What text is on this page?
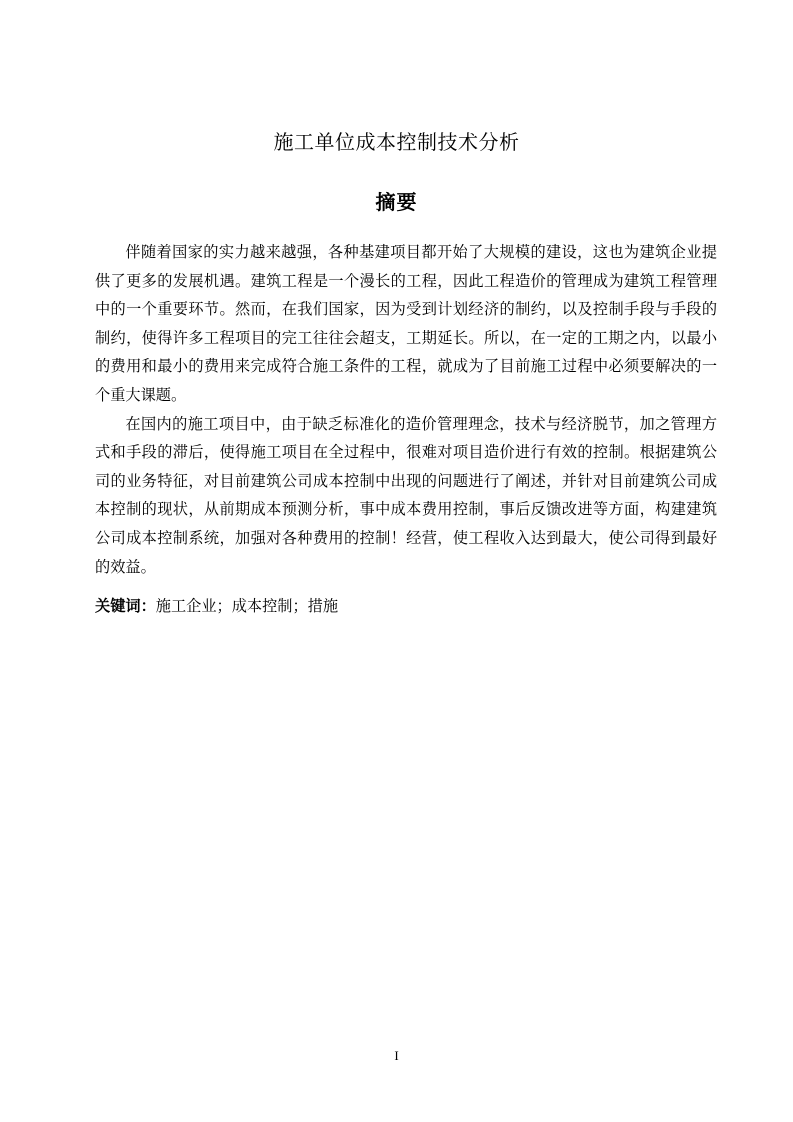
施工单位成本控制技术分析
摘要

伴随着国家的实力越来越强，各种基建项目都开始了大规模的建设，这也为建筑企业提供了更多的发展机遇。建筑工程是一个漫长的工程，因此工程造价的管理成为建筑工程管理中的一个重要环节。然而，在我们国家，因为受到计划经济的制约，以及控制手段与手段的制约，使得许多工程项目的完工往往会超支，工期延长。所以，在一定的工期之内，以最小的费用和最小的费用来完成符合施工条件的工程，就成为了目前施工过程中必须要解决的一个重大课题。

在国内的施工项目中，由于缺乏标准化的造价管理理念，技术与经济脱节，加之管理方式和手段的滞后，使得施工项目在全过程中，很难对项目造价进行有效的控制。根据建筑公司的业务特征，对目前建筑公司成本控制中出现的问题进行了阐述，并针对目前建筑公司成本控制的现状，从前期成本预测分析，事中成本费用控制，事后反馈改进等方面，构建建筑公司成本控制系统，加强对各种费用的控制！经营，使工程收入达到最大，使公司得到最好的效益。

关键词：施工企业；成本控制；措施
I
